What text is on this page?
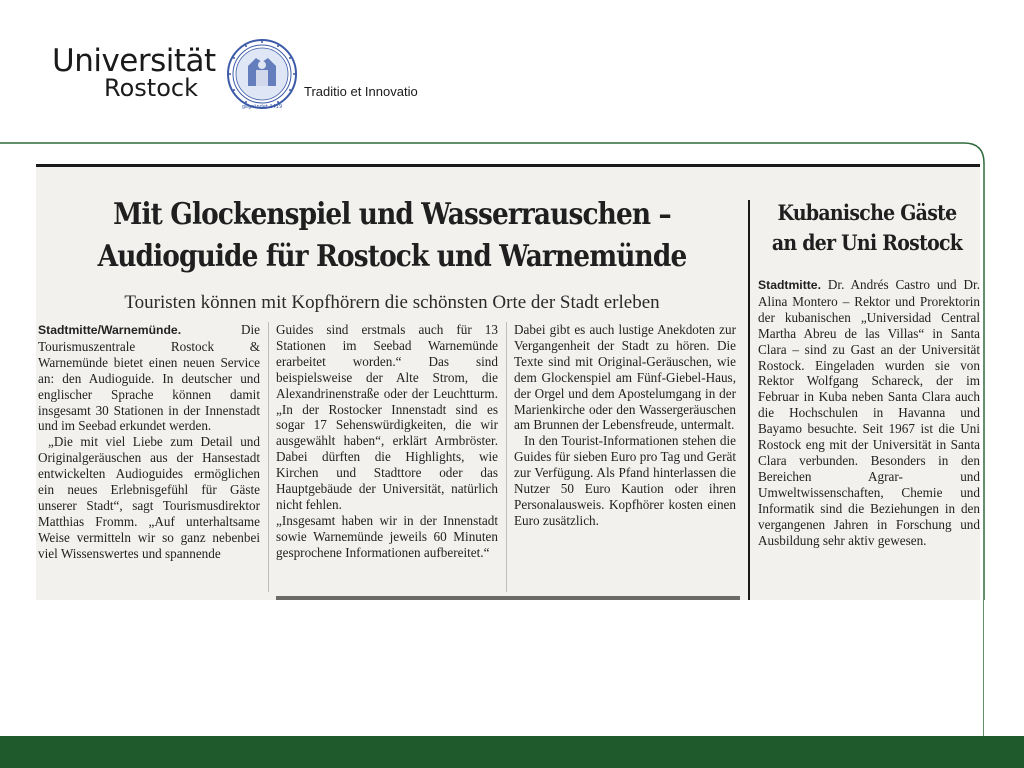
Universität
Rostock
gegründet 1419
Traditio et Innovatio
Mit Glockenspiel und Wasserrauschen –
Audioguide für Rostock und Warnemünde
Touristen können mit Kopfhörern die schönsten Orte der Stadt erleben

Stadtmitte/Warnemünde. Die Tourismuszentrale Rostock & Warnemünde bietet einen neuen Service an: den Audioguide. In deutscher und englischer Sprache können damit insgesamt 30 Stationen in der Innenstadt und im Seebad erkundet werden.

„Die mit viel Liebe zum Detail und Originalgeräuschen aus der Hansestadt entwickelten Audioguides ermöglichen ein neues Erlebnisgefühl für Gäste unserer Stadt“, sagt Tourismusdirektor Matthias Fromm. „Auf unterhaltsame Weise vermitteln wir so ganz nebenbei viel Wissenswertes und spannende

Guides sind erstmals auch für 13 Stationen im Seebad Warnemünde erarbeitet worden.“ Das sind beispielsweise der Alte Strom, die Alexandrinenstraße oder der Leuchtturm. „In der Rostocker Innenstadt sind es sogar 17 Sehenswürdigkeiten, die wir ausgewählt haben“, erklärt Armbröster. Dabei dürften die Highlights, wie Kirchen und Stadttore oder das Hauptgebäude der Universität, natürlich nicht fehlen.

„Insgesamt haben wir in der Innenstadt sowie Warnemünde jeweils 60 Minuten gesprochene Informationen aufbereitet.“

Dabei gibt es auch lustige Anekdoten zur Vergangenheit der Stadt zu hören. Die Texte sind mit Original-Geräuschen, wie dem Glockenspiel am Fünf-Giebel-Haus, der Orgel und dem Apostelumgang in der Marienkirche oder den Wassergeräuschen am Brunnen der Lebensfreude, untermalt.

In den Tourist-Informationen stehen die Guides für sieben Euro pro Tag und Gerät zur Verfügung. Als Pfand hinterlassen die Nutzer 50 Euro Kaution oder ihren Personalausweis. Kopfhörer kosten einen Euro zusätzlich.

Kubanische Gäste
an der Uni Rostock
Stadtmitte. Dr. Andrés Castro und Dr. Alina Montero – Rektor und Prorektorin der kubanischen „Universidad Central Martha Abreu de las Villas“ in Santa Clara – sind zu Gast an der Universität Rostock. Eingeladen wurden sie von Rektor Wolfgang Schareck, der im Februar in Kuba neben Santa Clara auch die Hochschulen in Havanna und Bayamo besuchte. Seit 1967 ist die Uni Rostock eng mit der Universität in Santa Clara verbunden. Besonders in den Bereichen Agrar- und Umweltwissenschaften, Chemie und Informatik sind die Beziehungen in den vergangenen Jahren in Forschung und Ausbildung sehr aktiv gewesen.
